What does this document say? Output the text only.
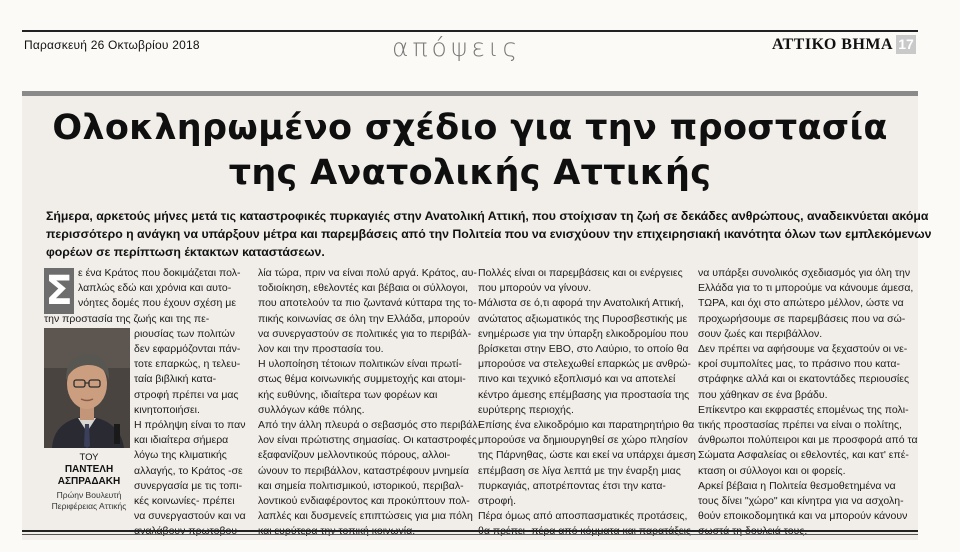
Παρασκευή 26 Οκτωβρίου 2018	απόψεις	ΑΤΤΙΚΟ ΒΗΜΑ 17
Ολοκληρωμένο σχέδιο για την προστασία
της Ανατολικής Αττικής
Σήμερα, αρκετούς μήνες μετά τις καταστροφικές πυρκαγιές στην Ανατολική Αττική, που στοίχισαν τη ζωή σε δεκάδες ανθρώπους, αναδεικνύεται ακόμα
περισσότερο η ανάγκη να υπάρξουν μέτρα και παρεμβάσεις από την Πολιτεία που να ενισχύουν την επιχειρησιακή ικανότητα όλων των εμπλεκόμενων
φορέων σε περίπτωση έκτακτων καταστάσεων.
Σ
ΤΟΥ
ΠΑΝΤΕΛΗ ΑΣΠΡΑΔΑΚΗ
Πρώην Βουλευτή Περιφέρειας Αττικής
ε ένα Κράτος που δοκιμάζεται πολ-
λαπλώς εδώ και χρόνια και αυτο-
νόητες δομές που έχουν σχέση με
την προστασία της ζωής και της πε-
ριουσίας των πολιτών
δεν εφαρμόζονται πάν-
τοτε επαρκώς, η τελευ-
ταία βιβλική κατα-
στροφή πρέπει να μας
κινητοποιήσει.
Η πρόληψη είναι το παν
και ιδιαίτερα σήμερα
λόγω της κλιματικής
αλλαγής, το Κράτος -σε
συνεργασία με τις τοπι-
κές κοινωνίες- πρέπει
να συνεργαστούν και να
λία τώρα, πριν να είναι πολύ αργά. Κράτος, αυ-
τοδιοίκηση, εθελοντές και βέβαια οι σύλλογοι,
που αποτελούν τα πιο ζωντανά κύτταρα της το-
πικής κοινωνίας σε όλη την Ελλάδα, μπορούν
να συνεργαστούν σε πολιτικές για το περιβάλ-
λον και την προστασία του.
Η υλοποίηση τέτοιων πολιτικών είναι πρωτί-
στως θέμα κοινωνικής συμμετοχής και ατομι-
κής ευθύνης, ιδιαίτερα των φορέων και
συλλόγων κάθε πόλης.
Από την άλλη πλευρά ο σεβασμός στο περιβάλ-
λον είναι πρώτιστης σημασίας. Οι καταστροφές
εξαφανίζουν μελλοντικούς πόρους, αλλοι-
ώνουν το περιβάλλον, καταστρέφουν μνημεία
και σημεία πολιτισμικού, ιστορικού, περιβαλ-
λοντικού ενδιαφέροντος και προκύπτουν πολ-
λαπλές και δυσμενείς επιπτώσεις για μια πόλη
Πολλές είναι οι παρεμβάσεις και οι ενέργειες
που μπορούν να γίνουν.
Μάλιστα σε ό,τι αφορά την Ανατολική Αττική,
ανώτατος αξιωματικός της Πυροσβεστικής με
ενημέρωσε για την ύπαρξη ελικοδρομίου που
βρίσκεται στην ΕΒΟ, στο Λαύριο, το οποίο θα
μπορούσε να στελεχωθεί επαρκώς με ανθρώ-
πινο και τεχνικό εξοπλισμό και να αποτελεί
κέντρο άμεσης επέμβασης για προστασία της
ευρύτερης περιοχής.
Επίσης ένα ελικοδρόμιο και παρατηρητήριο θα
μπορούσε να δημιουργηθεί σε χώρο πλησίον
της Πάρνηθας, ώστε και εκεί να υπάρχει άμεση
επέμβαση σε λίγα λεπτά με την έναρξη μιας
πυρκαγιάς, αποτρέποντας έτσι την κατα-
στροφή.
Πέρα όμως από αποσπασματικές προτάσεις,
να υπάρξει συνολικός σχεδιασμός για όλη την
Ελλάδα για το τι μπορούμε να κάνουμε άμεσα,
ΤΩΡΑ, και όχι στο απώτερο μέλλον, ώστε να
προχωρήσουμε σε παρεμβάσεις που να σώ-
σουν ζωές και περιβάλλον.
Δεν πρέπει να αφήσουμε να ξεχαστούν οι νε-
κροί συμπολίτες μας, το πράσινο που κατα-
στράφηκε αλλά και οι εκατοντάδες περιουσίες
που χάθηκαν σε ένα βράδυ.
Επίκεντρο και εκφραστές επομένως της πολι-
τικής προστασίας πρέπει να είναι ο πολίτης,
άνθρωποι πολύπειροι και με προσφορά από τα
Σώματα Ασφαλείας οι εθελοντές, και κατ' επέ-
κταση οι σύλλογοι και οι φορείς.
Αρκεί βέβαια η Πολιτεία θεσμοθετημένα να
τους δίνει "χώρο" και κίνητρα για να ασχολη-
θούν εποικοδομητικά και να μπορούν κάνουν
